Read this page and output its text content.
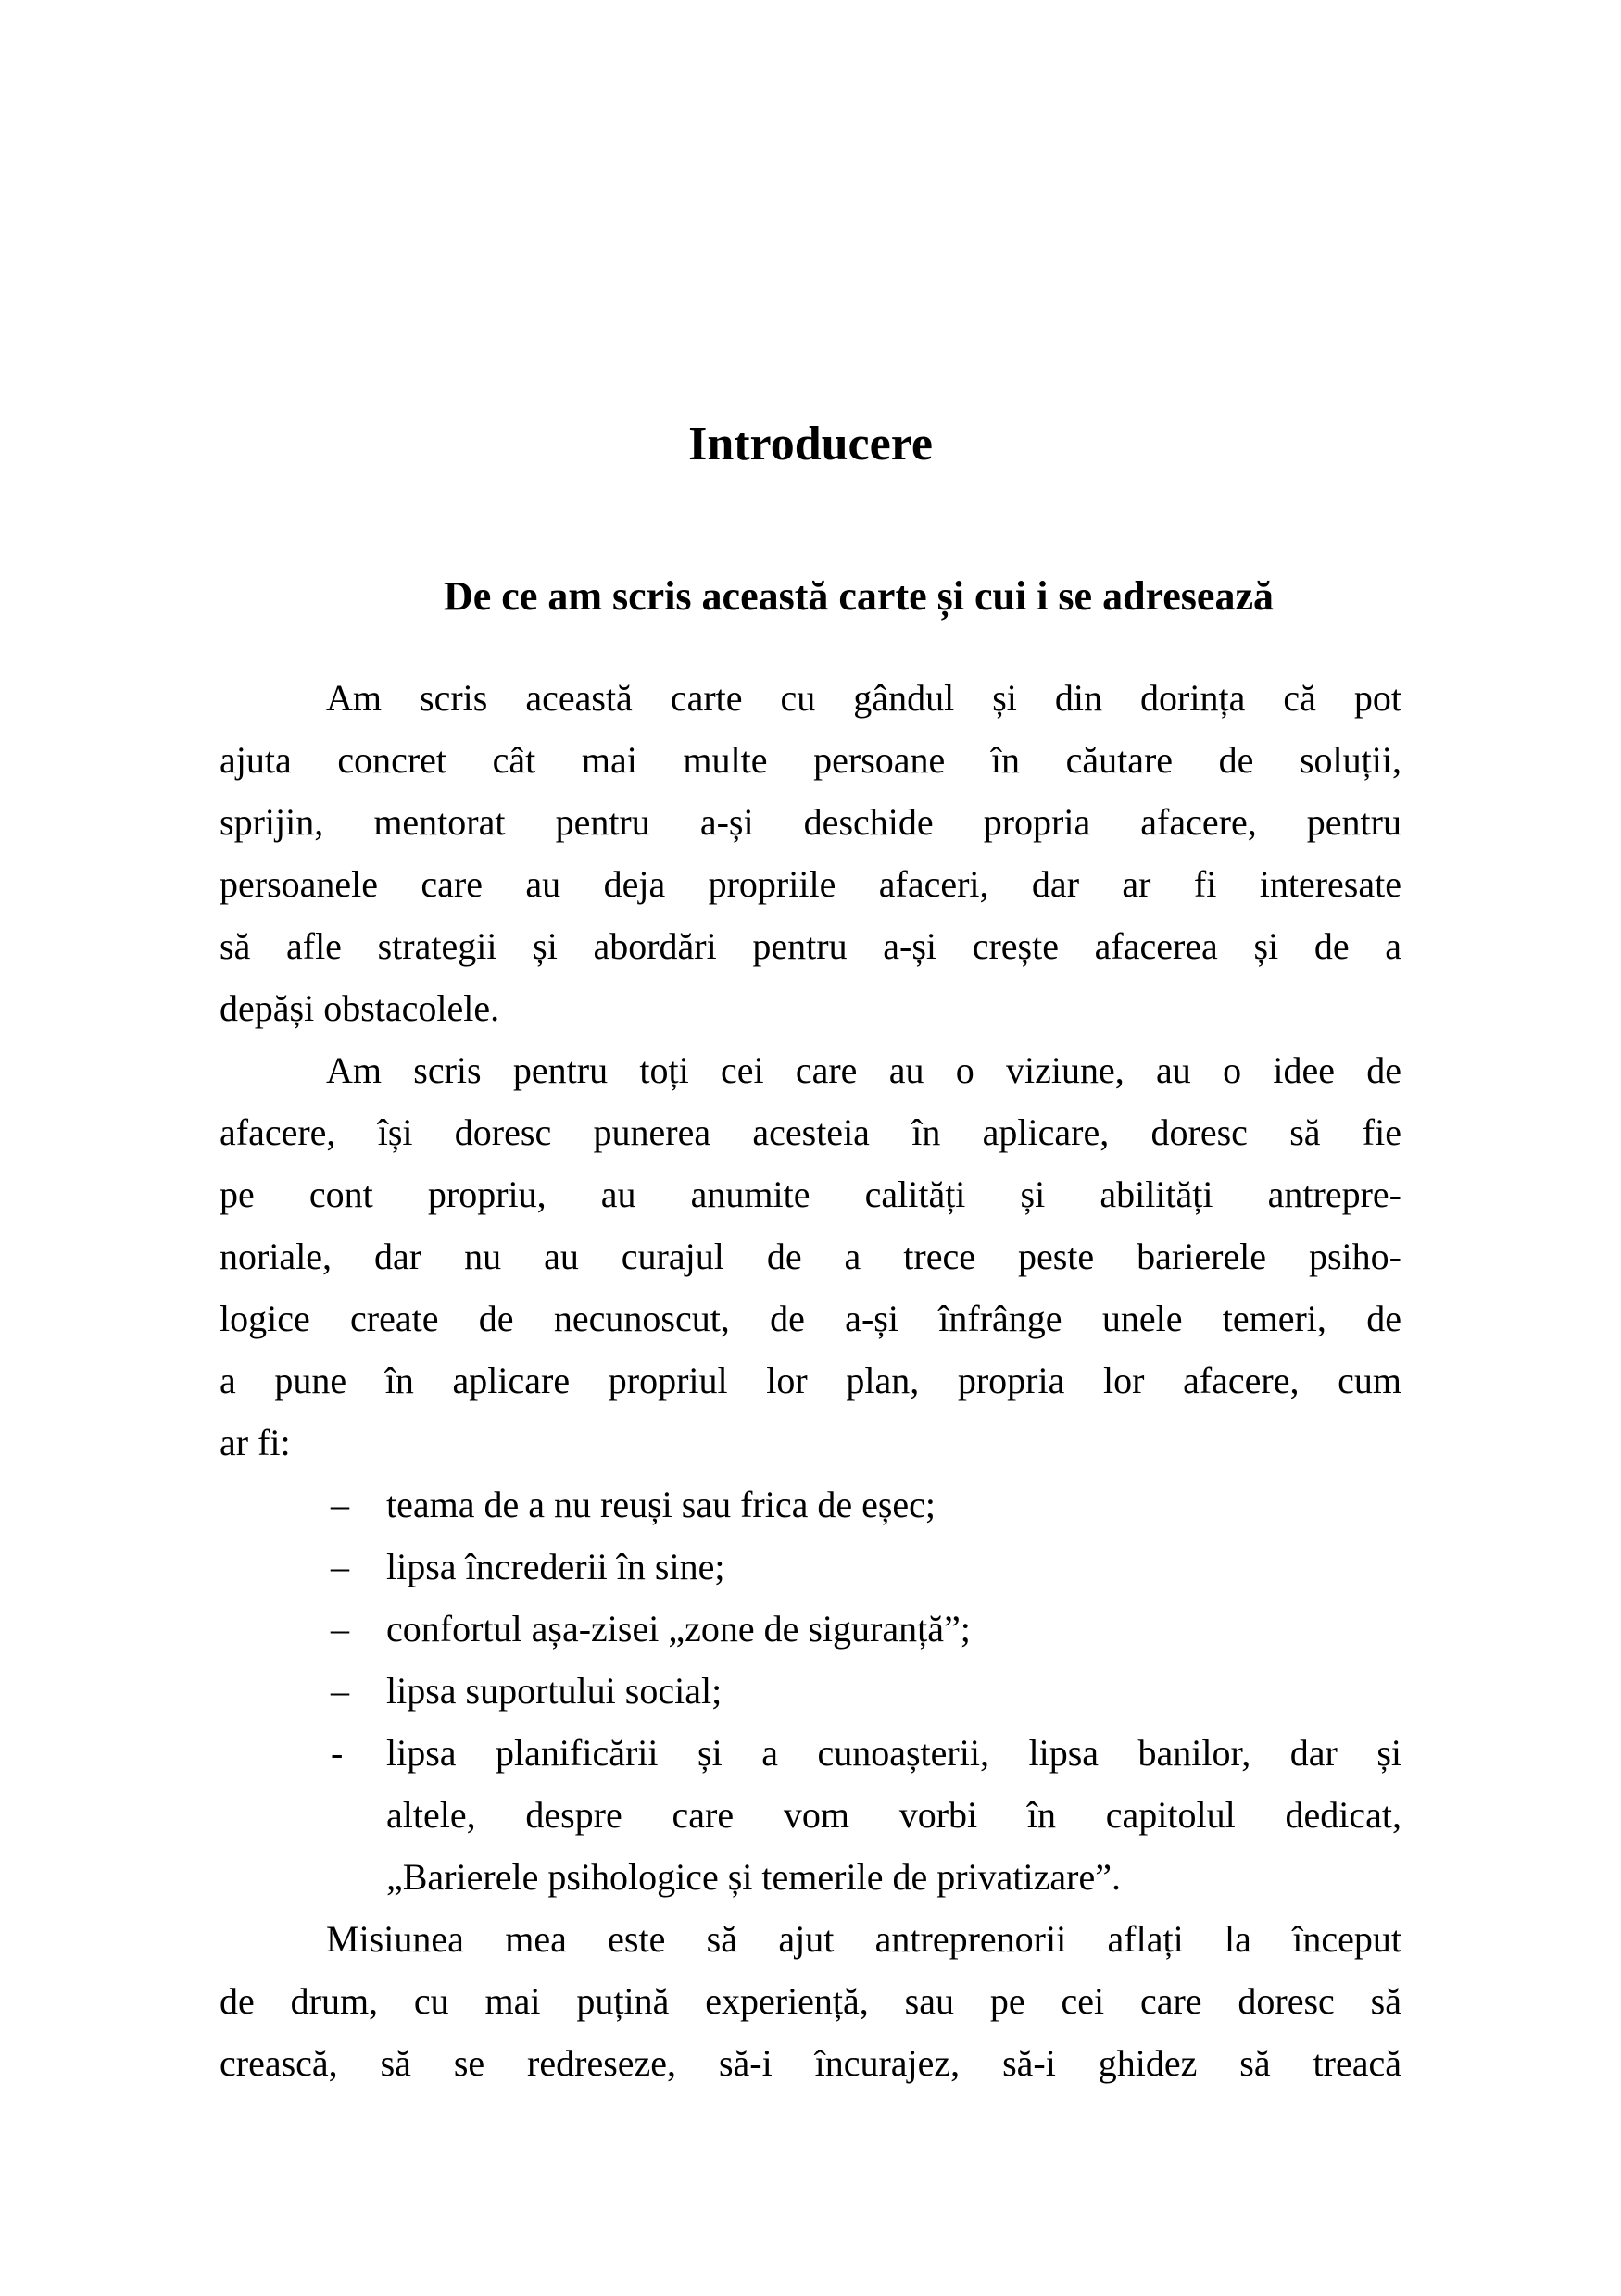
Introducere
De ce am scris această carte și cui i se adresează
Am scris această carte cu gândul și din dorința că pot
ajuta concret cât mai multe persoane în căutare de soluții,
sprijin, mentorat pentru a-și deschide propria afacere, pentru
persoanele care au deja propriile afaceri, dar ar fi interesate
să afle strategii și abordări pentru a-și crește afacerea și de a
depăși obstacolele.
Am scris pentru toți cei care au o viziune, au o idee de
afacere, își doresc punerea acesteia în aplicare, doresc să fie
pe cont propriu, au anumite calități și abilități antrepre-
noriale, dar nu au curajul de a trece peste barierele psiho-
logice create de necunoscut, de a-și înfrânge unele temeri, de
a pune în aplicare propriul lor plan, propria lor afacere, cum
ar fi:
– teama de a nu reuși sau frica de eșec;
– lipsa încrederii în sine;
– confortul așa-zisei „zone de siguranță”;
– lipsa suportului social;
- lipsa planificării și a cunoașterii, lipsa banilor, dar și
altele, despre care vom vorbi în capitolul dedicat,
„Barierele psihologice și temerile de privatizare”.
Misiunea mea este să ajut antreprenorii aflați la început
de drum, cu mai puțină experiență, sau pe cei care doresc să
crească, să se redreseze, să-i încurajez, să-i ghidez să treacă
